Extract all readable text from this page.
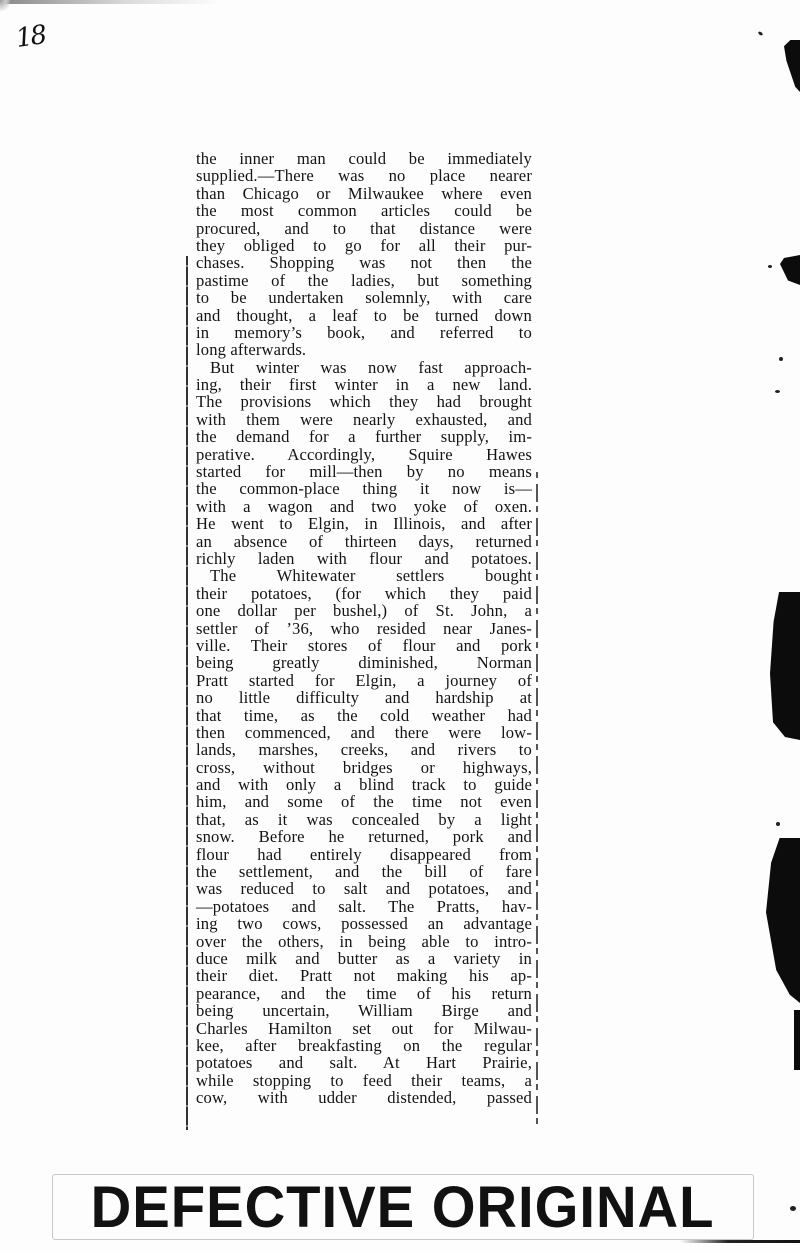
18
the inner man could be immediately
supplied.—There was no place nearer
than Chicago or Milwaukee where even
the most common articles could be
procured, and to that distance were
they obliged to go for all their pur-
chases. Shopping was not then the
pastime of the ladies, but something
to be undertaken solemnly, with care
and thought, a leaf to be turned down
in memory’s book, and referred to
long afterwards.
But winter was now fast approach-
ing, their first winter in a new land.
The provisions which they had brought
with them were nearly exhausted, and
the demand for a further supply, im-
perative. Accordingly, Squire Hawes
started for mill—then by no means
the common-place thing it now is—
with a wagon and two yoke of oxen.
He went to Elgin, in Illinois, and after
an absence of thirteen days, returned
richly laden with flour and potatoes.
The Whitewater settlers bought
their potatoes, (for which they paid
one dollar per bushel,) of St. John, a
settler of ’36, who resided near Janes-
ville. Their stores of flour and pork
being greatly diminished, Norman
Pratt started for Elgin, a journey of
no little difficulty and hardship at
that time, as the cold weather had
then commenced, and there were low-
lands, marshes, creeks, and rivers to
cross, without bridges or highways,
and with only a blind track to guide
him, and some of the time not even
that, as it was concealed by a light
snow. Before he returned, pork and
flour had entirely disappeared from
the settlement, and the bill of fare
was reduced to salt and potatoes, and
—potatoes and salt. The Pratts, hav-
ing two cows, possessed an advantage
over the others, in being able to intro-
duce milk and butter as a variety in
their diet. Pratt not making his ap-
pearance, and the time of his return
being uncertain, William Birge and
Charles Hamilton set out for Milwau-
kee, after breakfasting on the regular
potatoes and salt. At Hart Prairie,
while stopping to feed their teams, a
cow, with udder distended, passed
DEFECTIVE ORIGINAL
